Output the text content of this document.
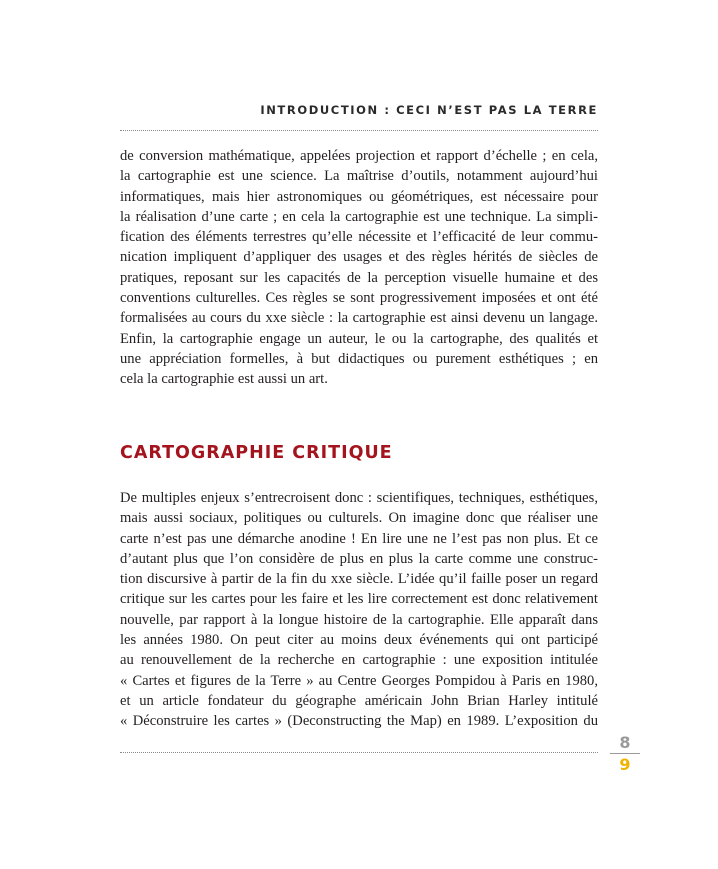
INTRODUCTION : CECI N’EST PAS LA TERRE
de conversion mathématique, appelées projection et rapport d’échelle ; en cela,
la cartographie est une science. La maîtrise d’outils, notamment aujourd’hui
informatiques, mais hier astronomiques ou géométriques, est nécessaire pour
la réalisation d’une carte ; en cela la cartographie est une technique. La simpli-
fication des éléments terrestres qu’elle nécessite et l’efficacité de leur commu-
nication impliquent d’appliquer des usages et des règles hérités de siècles de
pratiques, reposant sur les capacités de la perception visuelle humaine et des
conventions culturelles. Ces règles se sont progressivement imposées et ont été
formalisées au cours du xxe siècle : la cartographie est ainsi devenu un langage.
Enfin, la cartographie engage un auteur, le ou la cartographe, des qualités et
une appréciation formelles, à but didactiques ou purement esthétiques ; en
cela la cartographie est aussi un art.
CARTOGRAPHIE CRITIQUE
De multiples enjeux s’entrecroisent donc : scientifiques, techniques, esthétiques,
mais aussi sociaux, politiques ou culturels. On imagine donc que réaliser une
carte n’est pas une démarche anodine ! En lire une ne l’est pas non plus. Et ce
d’autant plus que l’on considère de plus en plus la carte comme une construc-
tion discursive à partir de la fin du xxe siècle. L’idée qu’il faille poser un regard
critique sur les cartes pour les faire et les lire correctement est donc relativement
nouvelle, par rapport à la longue histoire de la cartographie. Elle apparaît dans
les années 1980. On peut citer au moins deux événements qui ont participé
au renouvellement de la recherche en cartographie : une exposition intitulée
« Cartes et figures de la Terre » au Centre Georges Pompidou à Paris en 1980,
et un article fondateur du géographe américain John Brian Harley intitulé
« Déconstruire les cartes » (Deconstructing the Map) en 1989. L’exposition du
8
9
